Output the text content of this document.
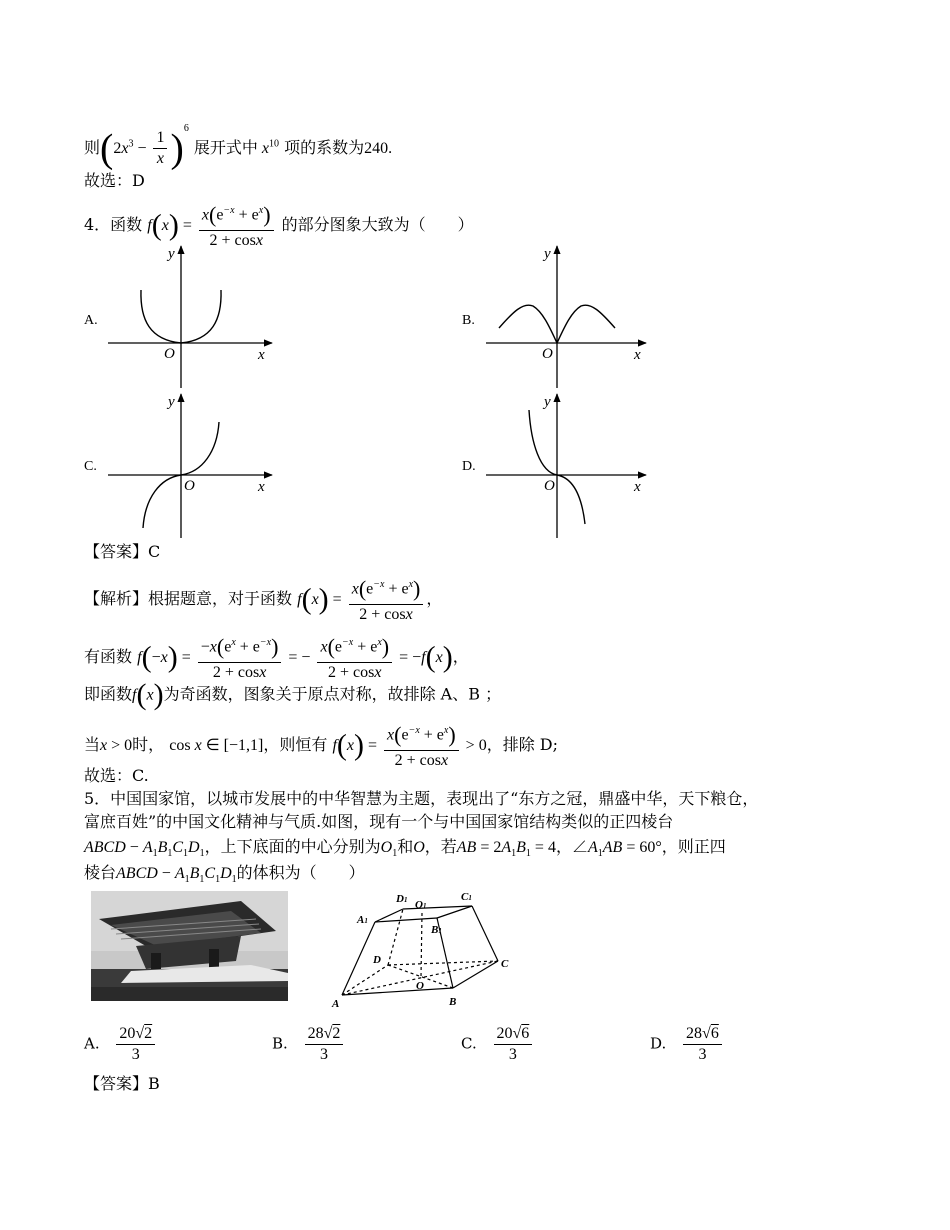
则$(2x^3 - \frac{1}{x} )^6$ 展开式中 $x^{10}$ 项的系数为240.
故选：D
4．函数 $f(x) = \frac{x(e^{-x} + e^x)}{2 + \cos x}$ 的部分图象大致为（　　）
A.	B.
C.	D.
y
x
O
y
x
O
y
x
O
y
x
O
【答案】C
【解析】根据题意，对于函数 $f(x) = \frac{x(e^{-x} + e^x)}{2 + \cos x}$ ，
有函数 $f(-x) = \frac{-x(e^x + e^{-x})}{2 + \cos x}$ = − $\frac{x(e^{-x} + e^x)}{2 + \cos x} = -f(x)$，
即函数f(x)为奇函数，图象关于原点对称，故排除 A、B ；
当x > 0时， cos x ∈ [−1,1]，则恒有 $f(x) = \frac{x(e^{-x} + e^x)}{2 + \cos x} > 0$，排除 D;
故选：C.
5．中国国家馆，以城市发展中的中华智慧为主题，表现出了“东方之冠，鼎盛中华，天下粮仓，
富庶百姓”的中国文化精神与气质.如图，现有一个与中国国家馆结构类似的正四棱台
ABCD − $A_1B_1C_1D_1$，上下底面的中心分别为$O_1$和O，若AB = $2A_1B_1 = 4$，$\angle A_1AB = 60^\circ$，则正四
棱台ABCD − $A_1B_1C_1D_1$的体积为（　　）
D1 O1
C1
A1
B1
D	C
O
A	B
A. $\frac{20√2}{3}$	B. $\frac{28√2}{3}$	C. $\frac{20√6}{3}$	D. $\frac{28√6}{3}$
【答案】B
